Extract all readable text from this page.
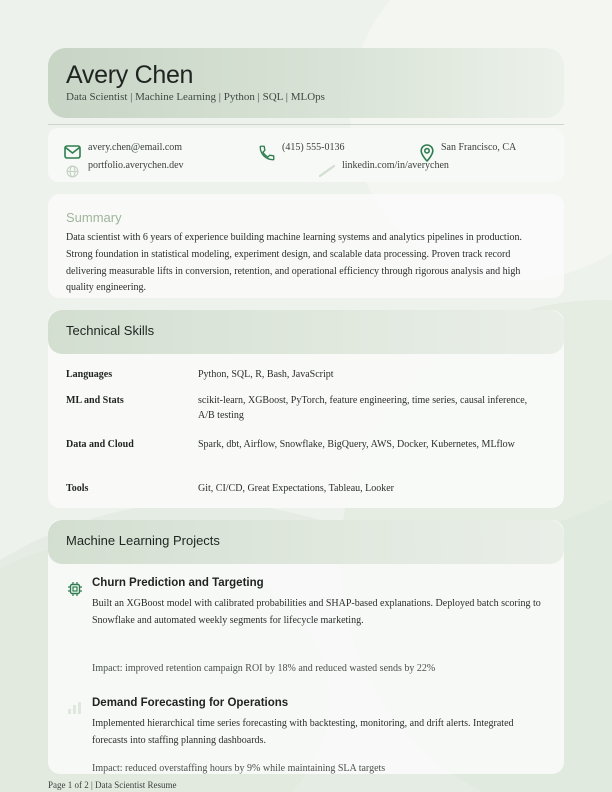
Avery Chen
Data Scientist | Machine Learning | Python | SQL | MLOps
avery.chen@email.com	(415) 555-0136	San Francisco, CA
portfolio.averychen.dev	linkedin.com/in/averychen
Summary
Data scientist with 6 years of experience building machine learning systems and analytics pipelines in production. Strong foundation in statistical modeling, experiment design, and scalable data processing. Proven track record delivering measurable lifts in conversion, retention, and operational efficiency through rigorous analysis and high quality engineering.
Technical Skills
Languages	Python, SQL, R, Bash, JavaScript
ML and Stats	scikit-learn, XGBoost, PyTorch, feature engineering, time series, causal inference, A/B testing
Data and Cloud	Spark, dbt, Airflow, Snowflake, BigQuery, AWS, Docker, Kubernetes, MLflow
Tools	Git, CI/CD, Great Expectations, Tableau, Looker
Machine Learning Projects
Churn Prediction and Targeting
Built an XGBoost model with calibrated probabilities and SHAP-based explanations. Deployed batch scoring to Snowflake and automated weekly segments for lifecycle marketing.
Impact: improved retention campaign ROI by 18% and reduced wasted sends by 22%
Demand Forecasting for Operations
Implemented hierarchical time series forecasting with backtesting, monitoring, and drift alerts. Integrated forecasts into staffing planning dashboards.
Impact: reduced overstaffing hours by 9% while maintaining SLA targets
Page 1 of 2 | Data Scientist Resume
